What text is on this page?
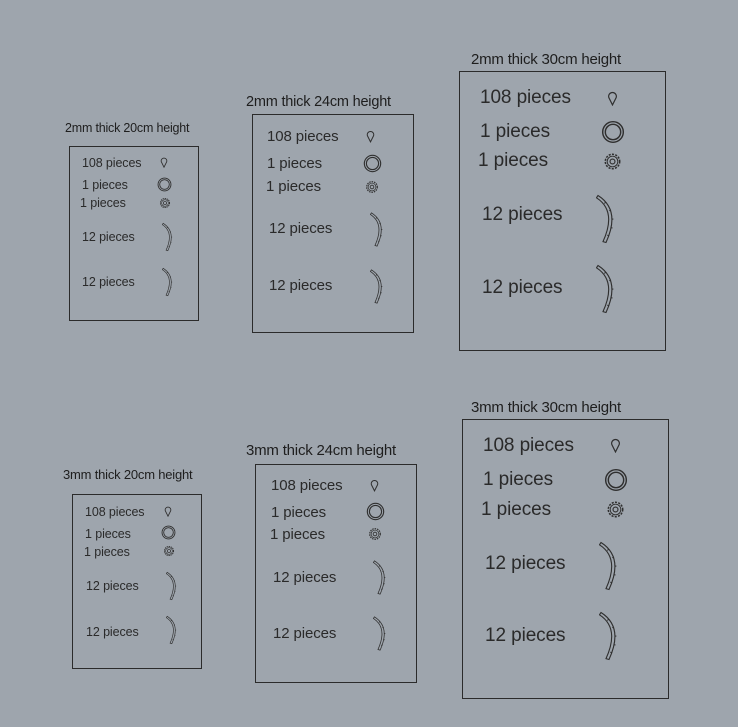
2mm thick 20cm height
108 pieces
1 pieces
1 pieces
12 pieces
12 pieces
2mm thick 24cm height
108 pieces
1 pieces
1 pieces
12 pieces
12 pieces
2mm thick 30cm height
108 pieces
1 pieces
1 pieces
12 pieces
12 pieces
3mm thick 20cm height
108 pieces
1 pieces
1 pieces
12 pieces
12 pieces
3mm thick 24cm height
108 pieces
1 pieces
1 pieces
12 pieces
12 pieces
3mm thick 30cm height
108 pieces
1 pieces
1 pieces
12 pieces
12 pieces
